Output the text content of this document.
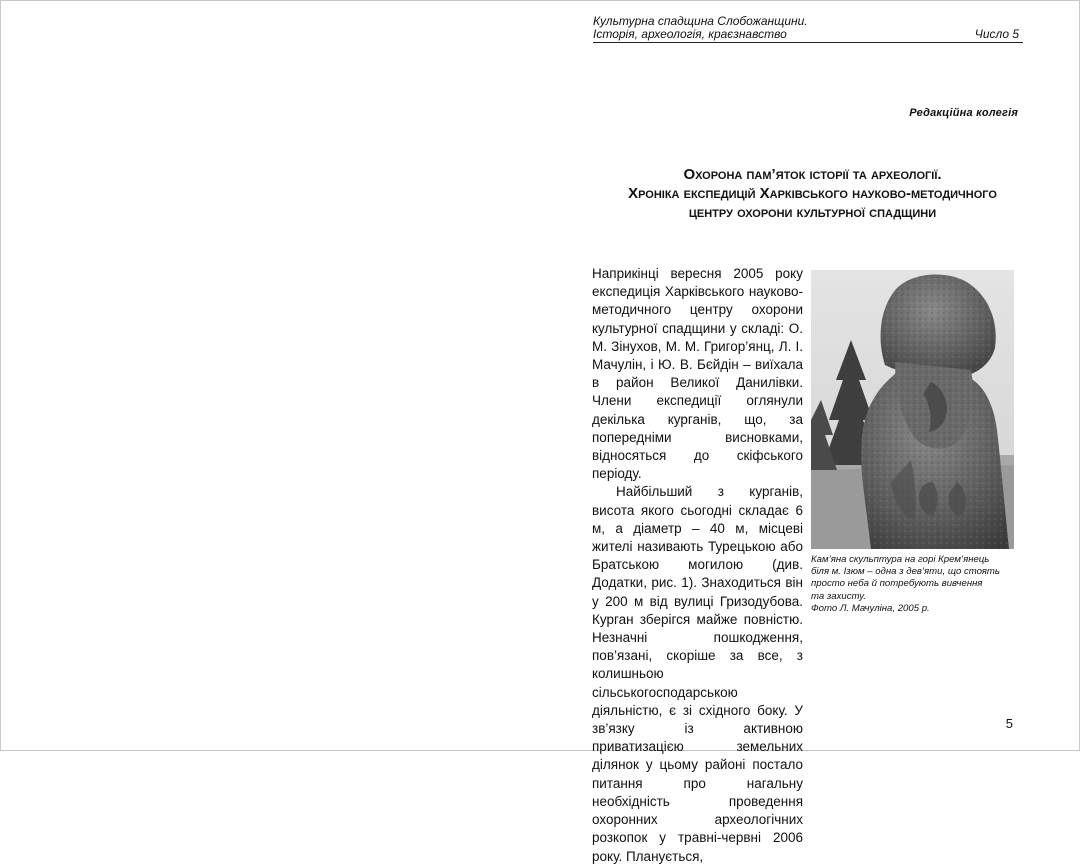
Культурна спадщина Слобожанщини.
Історія, археологія, краєзнавство	Число 5
Редакційна колегія
Охорона пам’яток історії та археології.
Хроніка експедицій Харківського науково-методичного
центру охорони культурної спадщини

Наприкінці вересня 2005 року експедиція Харківського науково-методичного центру охорони культурної спадщини у складі: О. М. Зінухов, М. М. Григор’янц, Л. І. Мачулін, і Ю. В. Бєйдін – виїхала в район Великої Данилівки. Члени експедиції оглянули декілька курганів, що, за попередніми висновками, відносяться до скіфського періоду.

Найбільший з курганів, висота якого сьогодні складає 6 м, а діаметр – 40 м, місцеві жителі називають Турецькою або Братською могилою (див. Додатки, рис. 1). Знаходиться він у 200 м від вулиці Гризодубова. Курган зберігся майже повністю. Незначні пошкодження, пов’язані, скоріше за все, з колишньою сільськогосподарською діяльністю, є зі східного боку. У зв’язку із активною приватизацією земельних ділянок у цьому районі постало питання про нагальну необхідність проведення охоронних археологічних розкопок у травні-червні 2006 року. Планується,

Кам’яна скульптура на горі Крем’янець
біля м. Ізюм – одна з дев’яти, що стоять
просто неба й потребують вивчення
та захисту.
Фото Л. Мачуліна, 2005 р.
5
